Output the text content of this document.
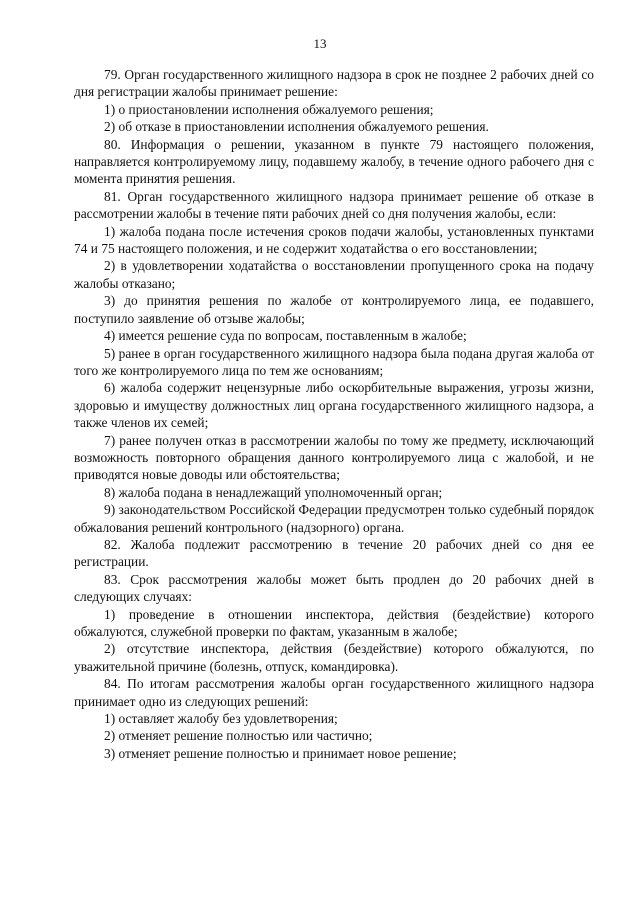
13

79. Орган государственного жилищного надзора в срок не позднее 2 рабочих дней со дня регистрации жалобы принимает решение:

1) о приостановлении исполнения обжалуемого решения;

2) об отказе в приостановлении исполнения обжалуемого решения.

80. Информация о решении, указанном в пункте 79 настоящего положения, направляется контролируемому лицу, подавшему жалобу, в течение одного рабочего дня с момента принятия решения.

81. Орган государственного жилищного надзора принимает решение об отказе в рассмотрении жалобы в течение пяти рабочих дней со дня получения жалобы, если:

1) жалоба подана после истечения сроков подачи жалобы, установленных пунктами 74 и 75 настоящего положения, и не содержит ходатайства о его восстановлении;

2) в удовлетворении ходатайства о восстановлении пропущенного срока на подачу жалобы отказано;

3) до принятия решения по жалобе от контролируемого лица, ее подавшего, поступило заявление об отзыве жалобы;

4) имеется решение суда по вопросам, поставленным в жалобе;

5) ранее в орган государственного жилищного надзора была подана другая жалоба от того же контролируемого лица по тем же основаниям;

6) жалоба содержит нецензурные либо оскорбительные выражения, угрозы жизни, здоровью и имуществу должностных лиц органа государственного жилищного надзора, а также членов их семей;

7) ранее получен отказ в рассмотрении жалобы по тому же предмету, исключающий возможность повторного обращения данного контролируемого лица с жалобой, и не приводятся новые доводы или обстоятельства;

8) жалоба подана в ненадлежащий уполномоченный орган;

9) законодательством Российской Федерации предусмотрен только судебный порядок обжалования решений контрольного (надзорного) органа.

82. Жалоба подлежит рассмотрению в течение 20 рабочих дней со дня ее регистрации.

83. Срок рассмотрения жалобы может быть продлен до 20 рабочих дней в следующих случаях:

1) проведение в отношении инспектора, действия (бездействие) которого обжалуются, служебной проверки по фактам, указанным в жалобе;

2) отсутствие инспектора, действия (бездействие) которого обжалуются, по уважительной причине (болезнь, отпуск, командировка).

84. По итогам рассмотрения жалобы орган государственного жилищного надзора принимает одно из следующих решений:

1) оставляет жалобу без удовлетворения;

2) отменяет решение полностью или частично;

3) отменяет решение полностью и принимает новое решение;
